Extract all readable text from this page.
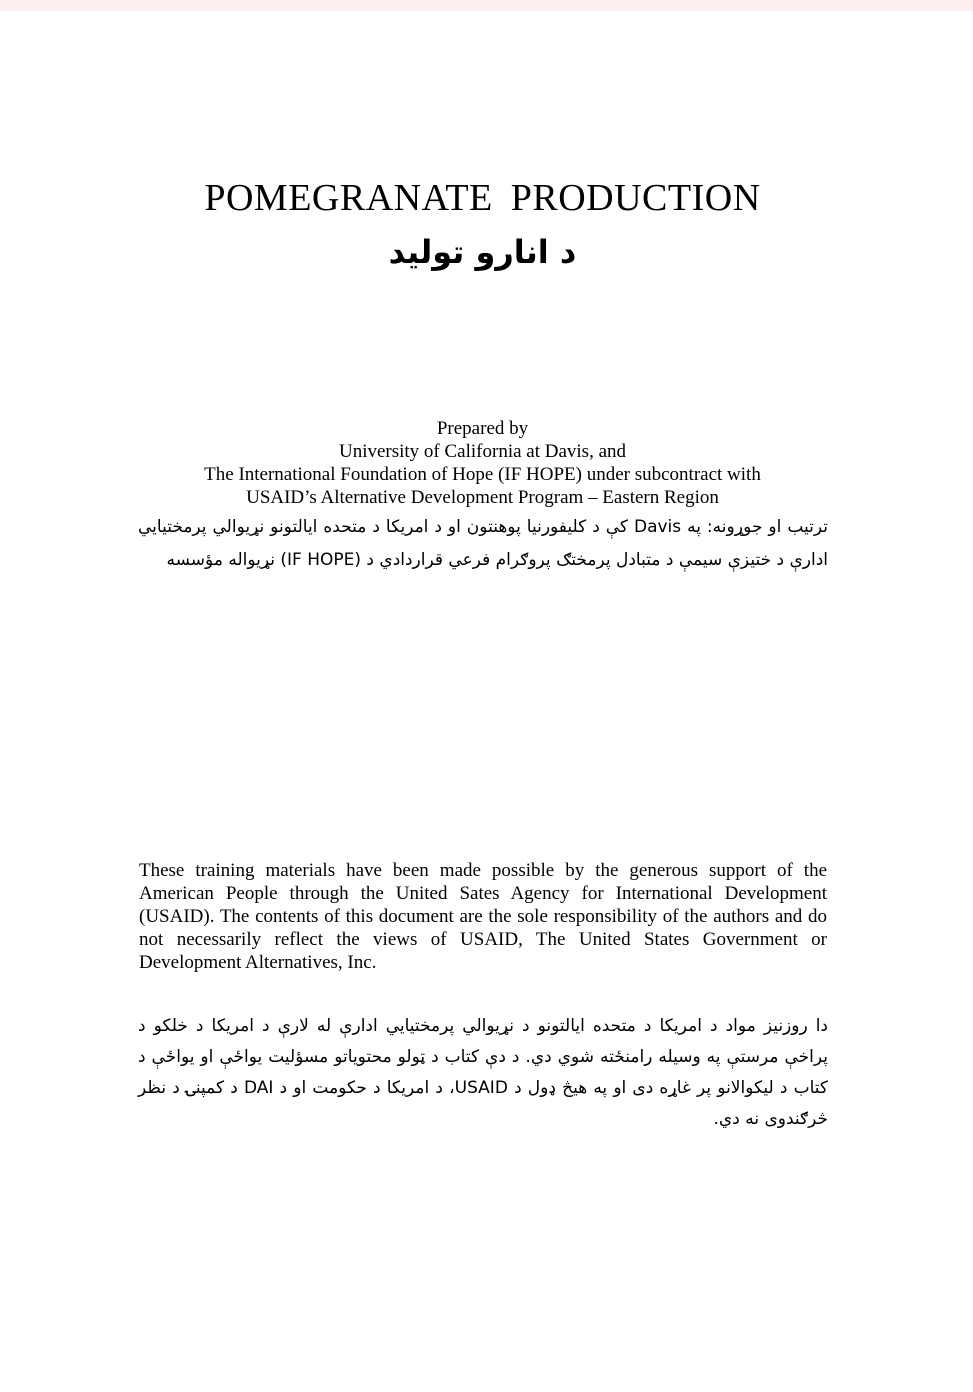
POMEGRANATE PRODUCTION
د انارو تولید
Prepared by
University of California at Davis, and
The International Foundation of Hope (IF HOPE) under subcontract with
USAID’s Alternative Development Program – Eastern Region
ترتیب او جوړونه: په Davis کې د کلیفورنیا پوهنتون او د امریکا د متحده ایالتونو نړیوالي پرمختیایي ادارې د ختیزې سیمې د متبادل پرمختګ پروګرام فرعي قراردادي د (IF HOPE) نړیواله مؤسسه
These training materials have been made possible by the generous support of the American People through the United Sates Agency for International Development (USAID). The contents of this document are the sole responsibility of the authors and do not necessarily reflect the views of USAID, The United States Government or Development Alternatives, Inc.
دا روزنیز مواد د امریکا د متحده ایالتونو د نړیوالي پرمختیایي ادارې له لارې د امریکا د خلکو د پراخې مرستې په وسیله رامنځته شوي دي. د دې کتاب د ټولو محتویاتو مسؤلیت یواځې او یواځې د کتاب د لیکوالانو پر غاړه دی او په هیڅ ډول د USAID، د امریکا د حکومت او د DAI د کمپنۍ د نظر څرګندوی نه دي.
